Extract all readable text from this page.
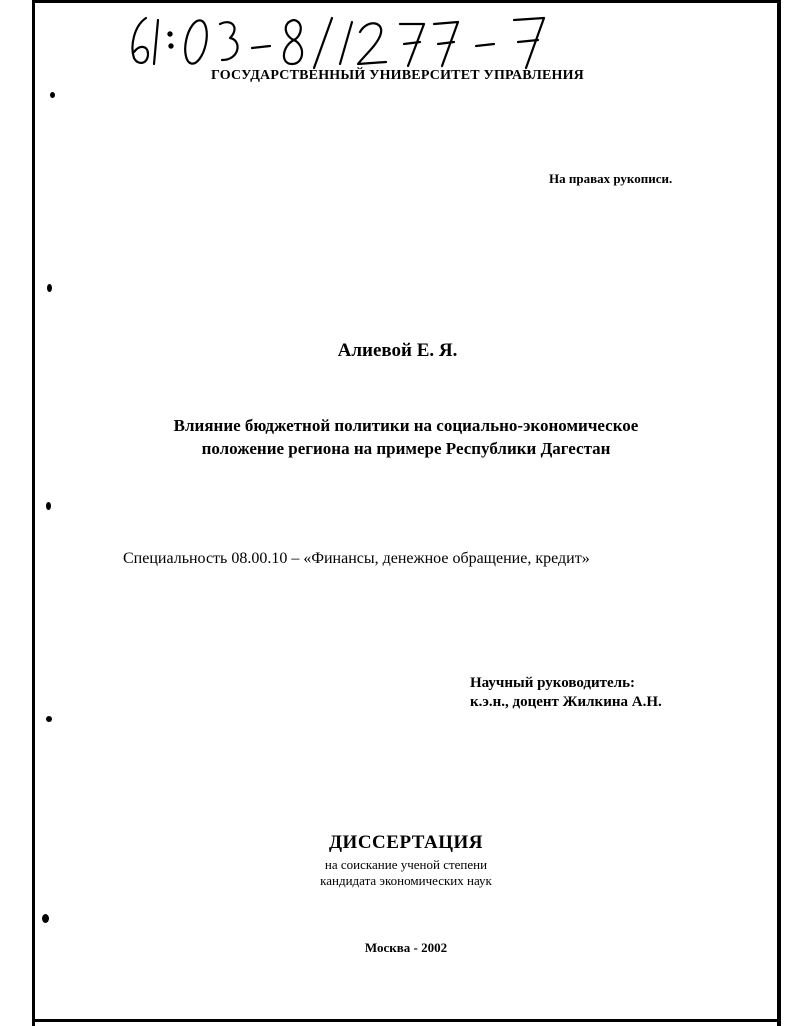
ГОСУДАРСТВЕННЫЙ УНИВЕРСИТЕТ УПРАВЛЕНИЯ
На правах рукописи.
Алиевой Е. Я.
Влияние бюджетной политики на социально-экономическое
положение региона на примере Республики Дагестан
Специальность 08.00.10 – «Финансы, денежное обращение, кредит»
Научный руководитель:
к.э.н., доцент Жилкина А.Н.
ДИССЕРТАЦИЯ
на соискание ученой степени
кандидата экономических наук
Москва - 2002
